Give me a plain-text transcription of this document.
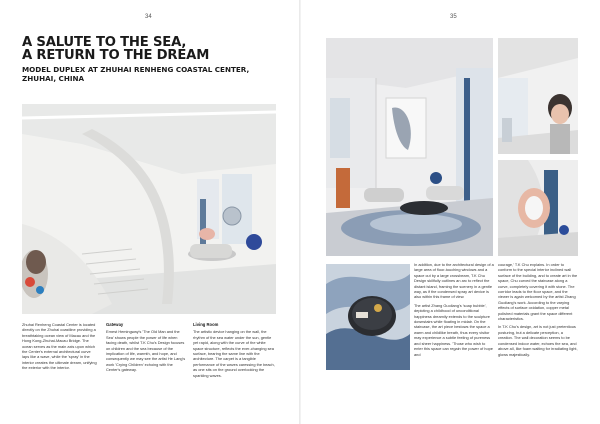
34
A SALUTE TO THE SEA,
A RETURN TO THE DREAM
MODEL DUPLEX AT ZHUHAI RENHENG COASTAL CENTER,
ZHUHAI, CHINA

Zhuhai Renheng Coastal Center is located directly on the Zhuhai coastline providing a breathtaking ocean view of Macau and the Hong Kong-Zhuhai-Macau Bridge. The ocean serves as the main axis upon which the Center's external architectural curve laps like a wave, while the 'spray' in the interior creates the ultimate dream, unifying the exterior with the interior.

Gateway

Ernest Hemingway's 'The Old Man and the Sea' shows people the power of life when facing death, whilst T.K Chu's Design focuses on children and the sea because of the implication of life, warmth, and hope, and consequently we may see the artist He Lang's work 'Crying Children' echoing with the Center's gateway.

Living Room

The artistic device hanging on the wall, the rhythm of the sea water under the sun, gentle yet rapid, along with the curve of the white space structure, reflects the ever-changing sea surface, bearing the same line with the architecture. The carpet is a tangible performance of the waves caressing the beach, as one sits on the ground overlooking the sparkling waves.

35

In addition, due to the architectural design of a large area of floor-touching windows and a space cut by a large crossbeam, T.K Chu Design skillfully outlines an arc to reflect the distant island, framing the scenery in a gentle way, as if the condensed spray art device is also within this frame of view.

The artist Zhang Guoliang's 'soap bubble', depicting a childhood of unconditional happiness dreamily extends to the sculpture downstairs while floating in midair. On the staircase, the art piece bestows the space a warm and childlike breath, thus every visitor may experience a subtle feeling of pureness and sheer happiness. 'Those who wish to enter this space can regain the power of hope and

courage,' T.K Chu explains. In order to conform to the special interior inclined wall surface of the building, and to create art in the space, Chu curved the staircase along a curve, completely covering it with stone. The corridor leads to the floor space, and the viewer is again welcomed by the artist Zhang Guoliang's work. According to the varying effects of surface oxidation, copper metal polished materials grant the space different characteristics.

In T.K Chu's design, art is not just pretentious posturing, but a delicate perception, a creation. The wall decoration seems to be condensed indoor water, echoes the sea, and above all, like foam waiting for irradiating light, glows majestically.
